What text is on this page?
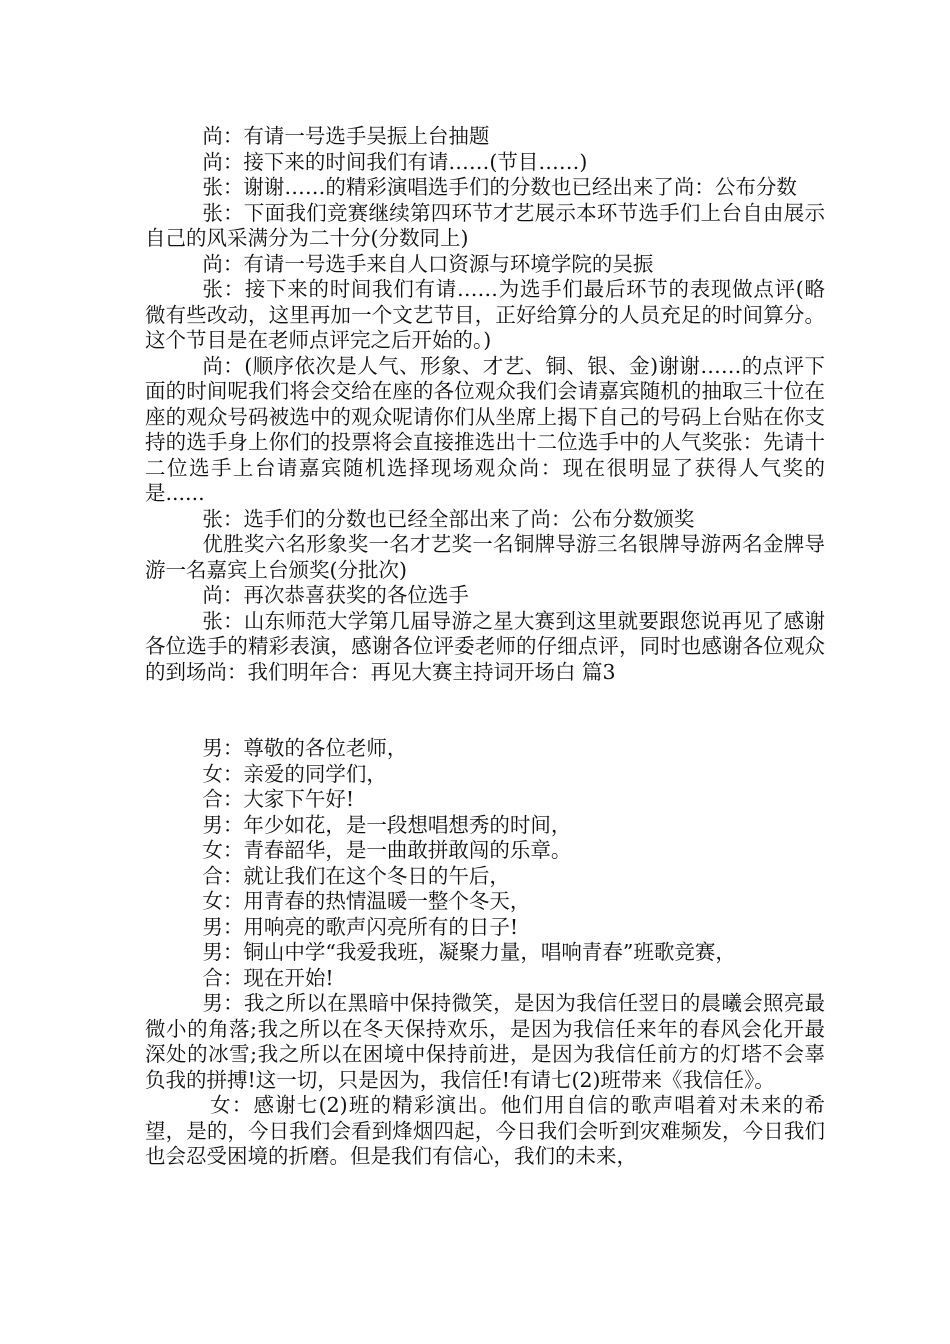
尚：有请一号选手吴振上台抽题

尚：接下来的时间我们有请……(节目……)

张：谢谢……的精彩演唱选手们的分数也已经出来了尚：公布分数

张：下面我们竞赛继续第四环节才艺展示本环节选手们上台自由展示自己的风采满分为二十分(分数同上)

尚：有请一号选手来自人口资源与环境学院的吴振

张：接下来的时间我们有请……为选手们最后环节的表现做点评(略微有些改动，这里再加一个文艺节目，正好给算分的人员充足的时间算分。这个节目是在老师点评完之后开始的。)

尚：(顺序依次是人气、形象、才艺、铜、银、金)谢谢……的点评下面的时间呢我们将会交给在座的各位观众我们会请嘉宾随机的抽取三十位在座的观众号码被选中的观众呢请你们从坐席上揭下自己的号码上台贴在你支持的选手身上你们的投票将会直接推选出十二位选手中的人气奖张：先请十二位选手上台请嘉宾随机选择现场观众尚：现在很明显了获得人气奖的是......

张：选手们的分数也已经全部出来了尚：公布分数颁奖

优胜奖六名形象奖一名才艺奖一名铜牌导游三名银牌导游两名金牌导游一名嘉宾上台颁奖(分批次)

尚：再次恭喜获奖的各位选手

张：山东师范大学第几届导游之星大赛到这里就要跟您说再见了感谢各位选手的精彩表演，感谢各位评委老师的仔细点评，同时也感谢各位观众的到场尚：我们明年合：再见大赛主持词开场白 篇3

男：尊敬的各位老师，

女：亲爱的同学们，

合：大家下午好!

男：年少如花，是一段想唱想秀的时间，

女：青春韶华，是一曲敢拼敢闯的乐章。

合：就让我们在这个冬日的午后，

女：用青春的热情温暖一整个冬天，

男：用响亮的歌声闪亮所有的日子!

男：铜山中学“我爱我班，凝聚力量，唱响青春”班歌竞赛，

合：现在开始!

男：我之所以在黑暗中保持微笑，是因为我信任翌日的晨曦会照亮最微小的角落;我之所以在冬天保持欢乐，是因为我信任来年的春风会化开最深处的冰雪;我之所以在困境中保持前进，是因为我信任前方的灯塔不会辜负我的拼搏!这一切，只是因为，我信任!有请七(2)班带来《我信任》。

女：感谢七(2)班的精彩演出。他们用自信的歌声唱着对未来的希望，是的，今日我们会看到烽烟四起，今日我们会听到灾难频发，今日我们也会忍受困境的折磨。但是我们有信心，我们的未来，
